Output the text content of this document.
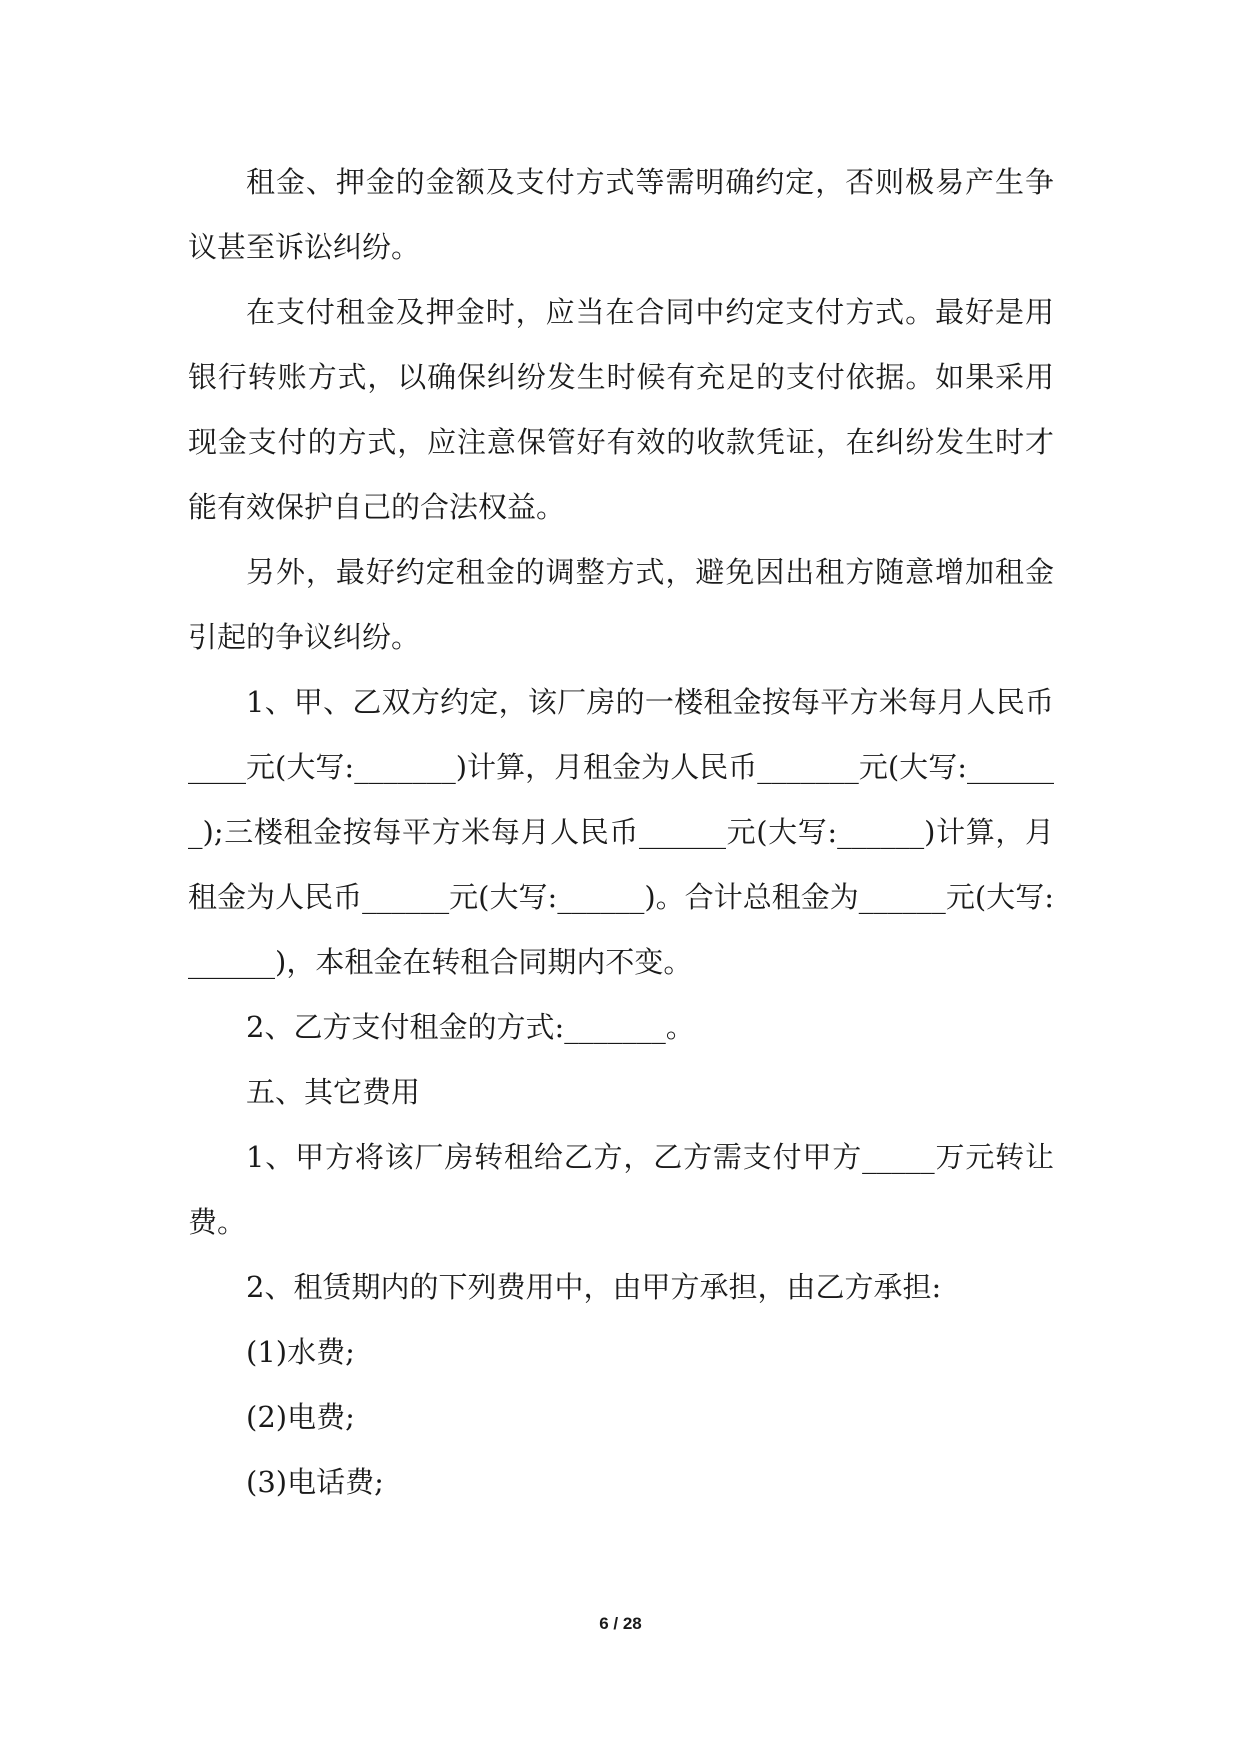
租金、押金的金额及支付方式等需明确约定，否则极易产生争议甚至诉讼纠纷。

在支付租金及押金时，应当在合同中约定支付方式。最好是用银行转账方式，以确保纠纷发生时候有充足的支付依据。如果采用现金支付的方式，应注意保管好有效的收款凭证，在纠纷发生时才能有效保护自己的合法权益。

另外，最好约定租金的调整方式，避免因出租方随意增加租金引起的争议纠纷。

1、甲、乙双方约定，该厂房的一楼租金按每平方米每月人民币____元(大写:_______)计算，月租金为人民币_______元(大写:_______);三楼租金按每平方米每月人民币______元(大写:______)计算，月租金为人民币______元(大写:______)。合计总租金为______元(大写:______)，本租金在转租合同期内不变。

2、乙方支付租金的方式:_______。

五、其它费用

1、甲方将该厂房转租给乙方，乙方需支付甲方_____万元转让费。

2、租赁期内的下列费用中，由甲方承担，由乙方承担:

(1)水费;

(2)电费;

(3)电话费;

6 / 28
